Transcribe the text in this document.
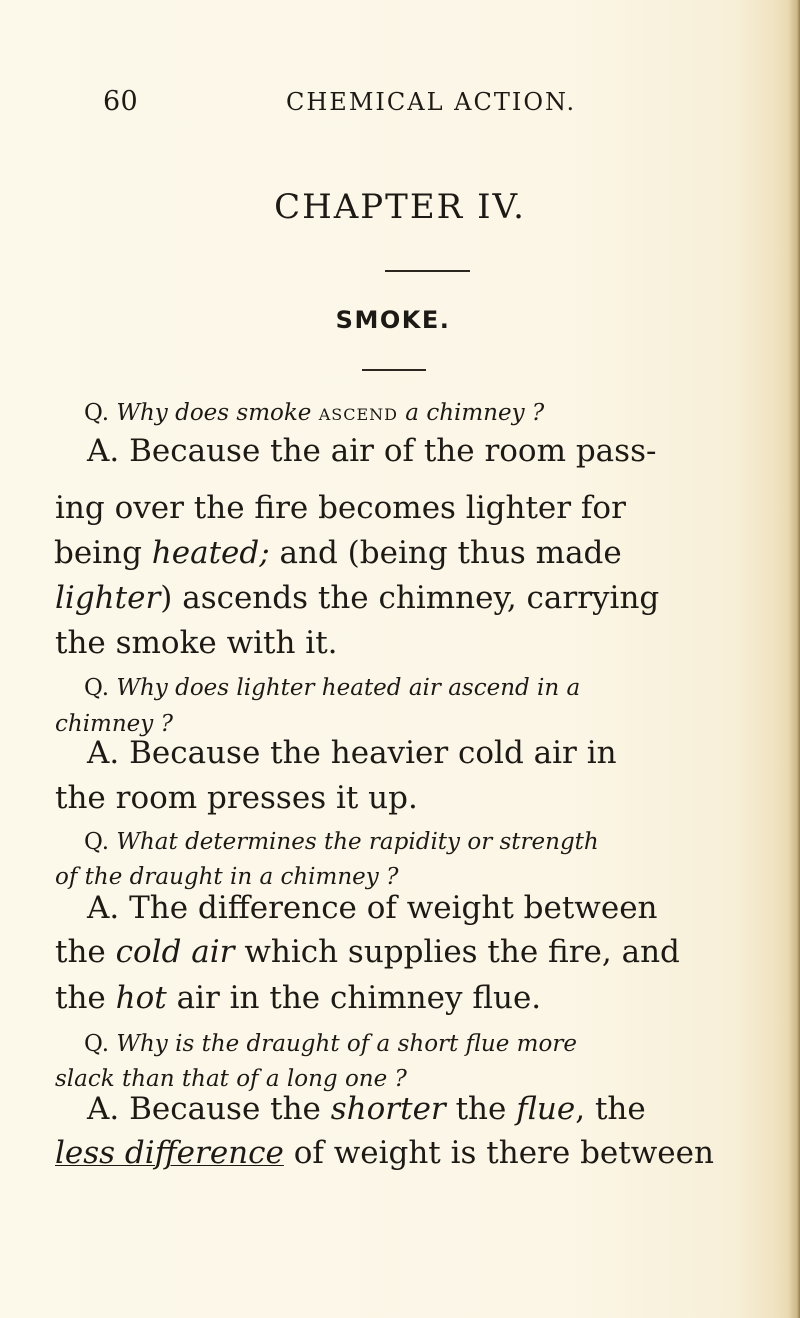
60	CHEMICAL ACTION.
CHAPTER IV.
SMOKE.
Q. Why does smoke ascend a chimney ?
A. Because the air of the room pass-
ing over the fire becomes lighter for
being heated; and (being thus made
lighter) ascends the chimney, carrying
the smoke with it.
Q. Why does lighter heated air ascend in a
chimney ?
A. Because the heavier cold air in
the room presses it up.
Q. What determines the rapidity or strength
of the draught in a chimney ?
A. The difference of weight between
the cold air which supplies the fire, and
the hot air in the chimney flue.
Q. Why is the draught of a short flue more
slack than that of a long one ?
A. Because the shorter the flue, the
less difference of weight is there between
